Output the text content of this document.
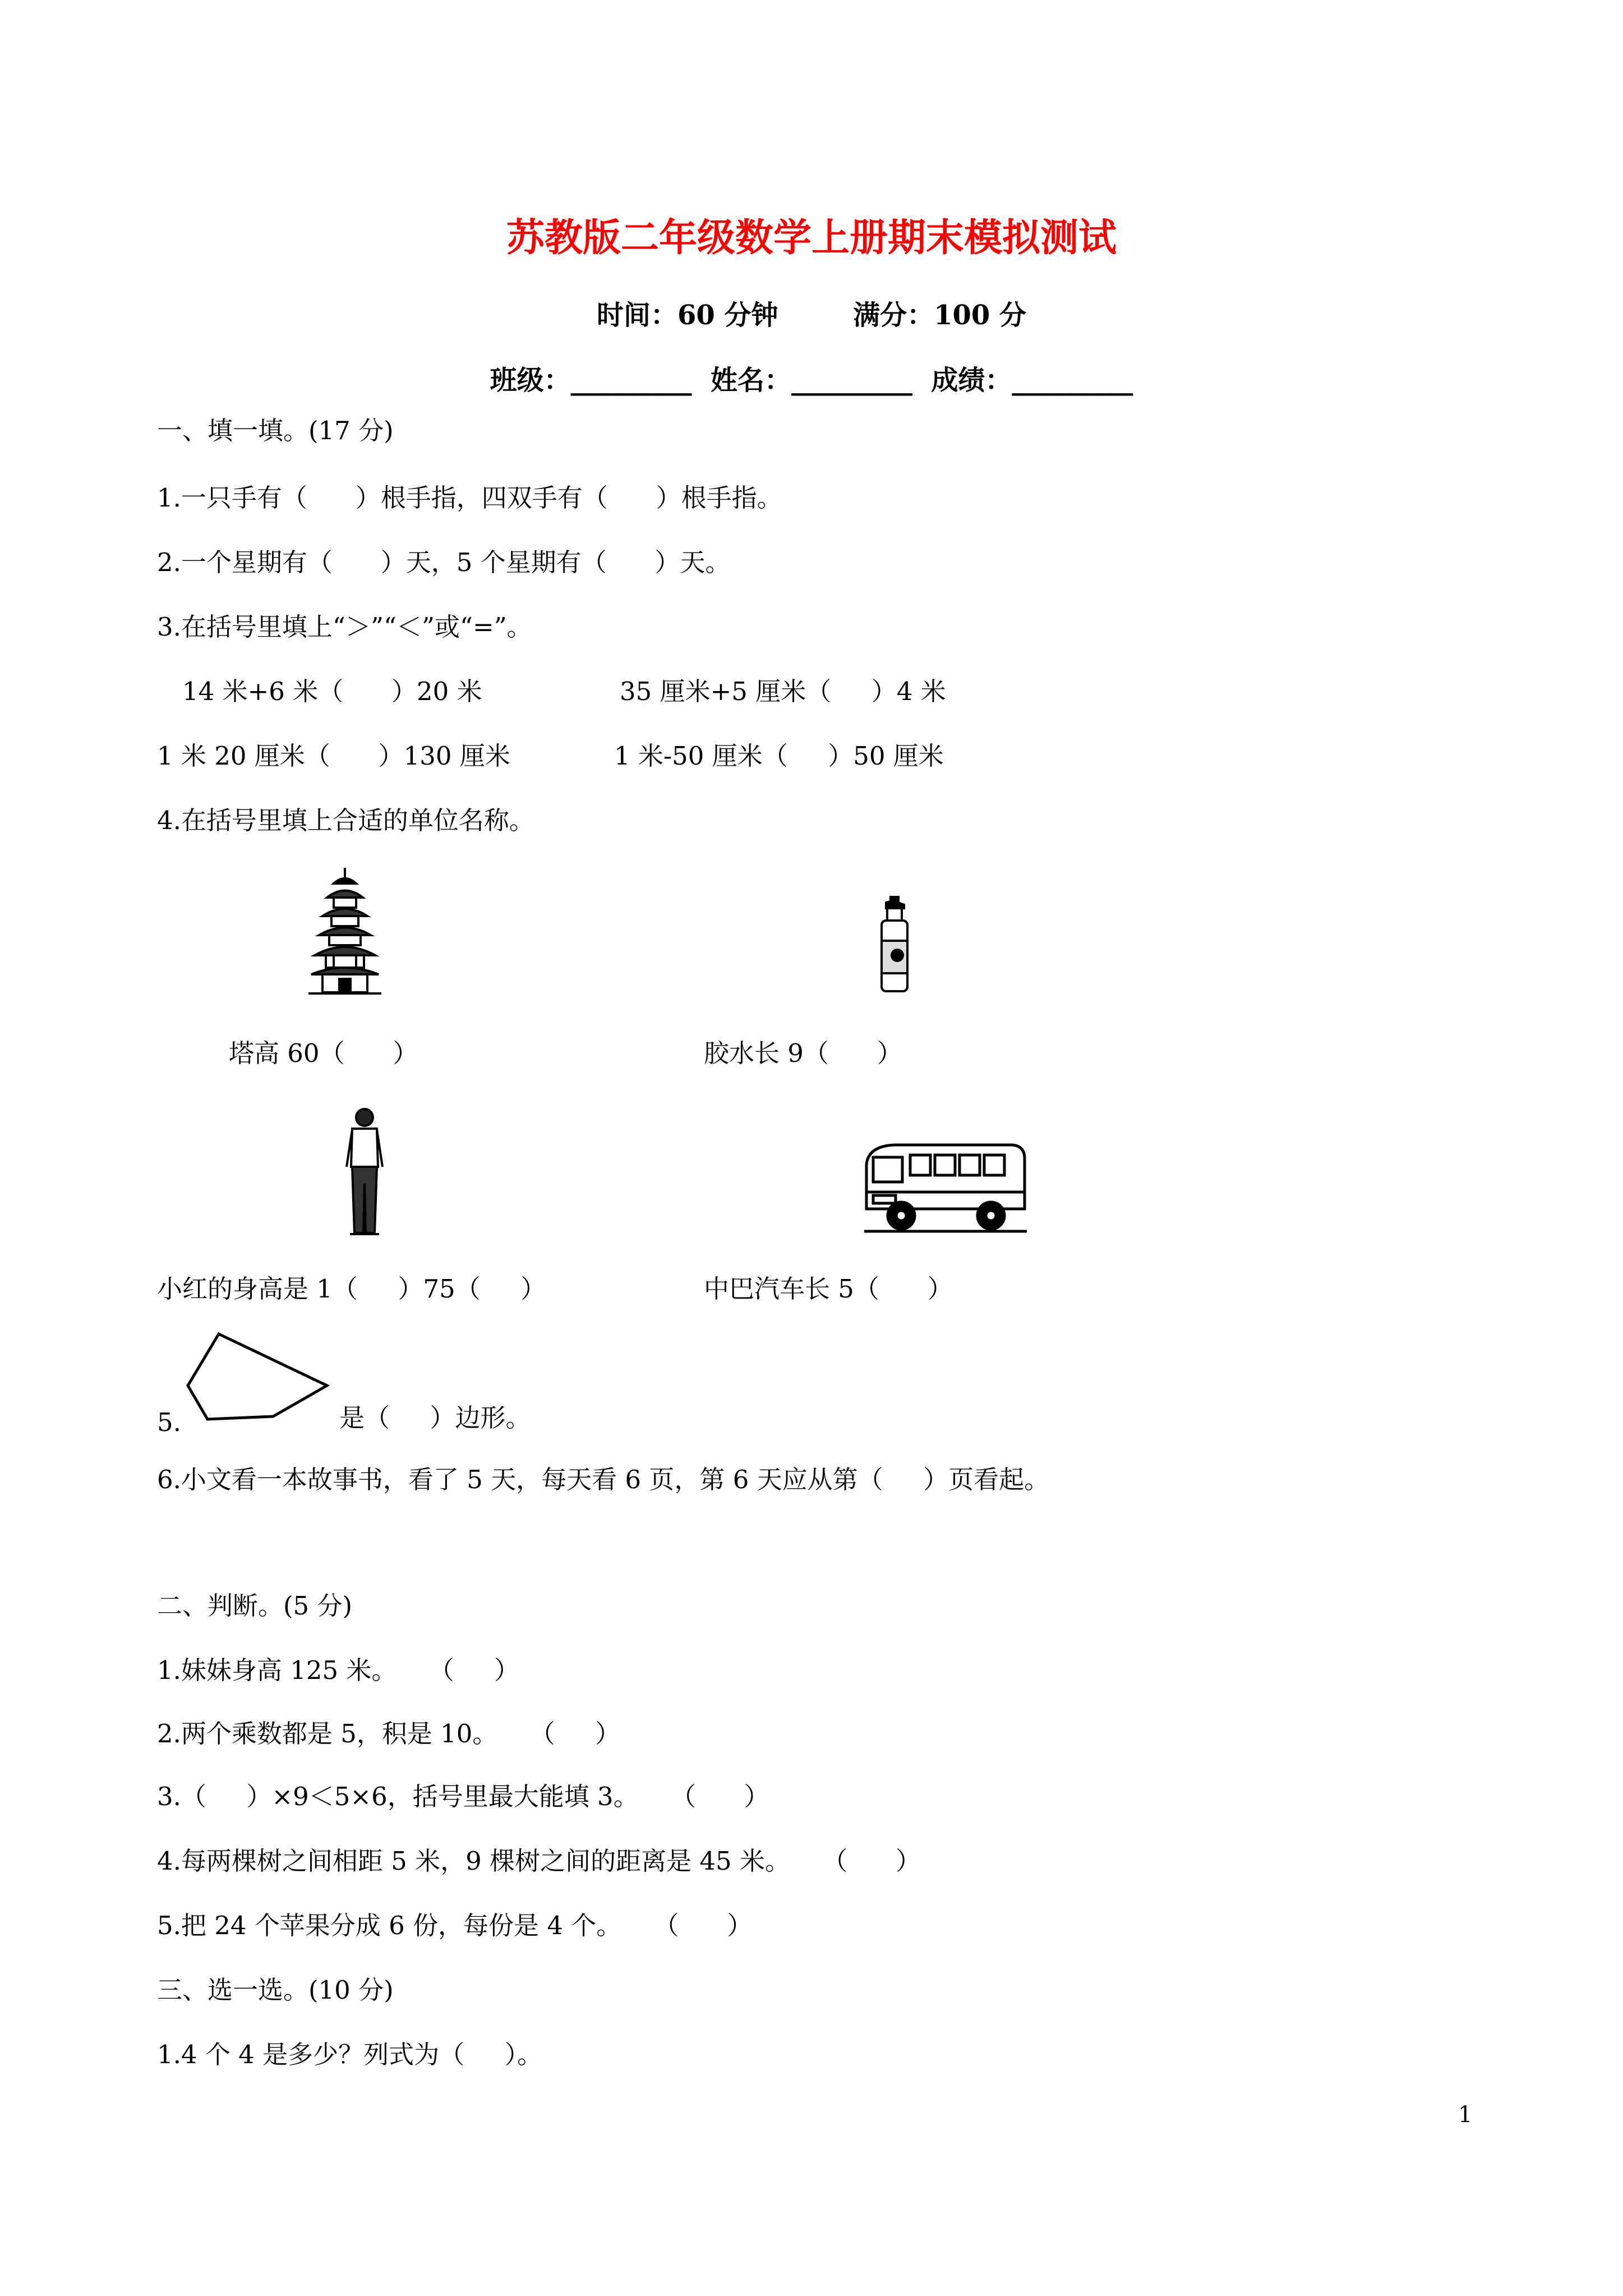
苏教版二年级数学上册期末模拟测试
时间：60 分钟        满分：100 分
班级：_________  姓名：_________  成绩：_________
一、填一填。(17 分)
1.一只手有（      ）根手指，四双手有（      ）根手指。
2.一个星期有（      ）天，5 个星期有（      ）天。
3.在括号里填上“＞”“＜”或“=”。
14 米+6 米（      ）20 米	35 厘米+5 厘米（     ）4 米
1 米 20 厘米（      ）130 厘米	1 米-50 厘米（     ）50 厘米
4.在括号里填上合适的单位名称。
塔高 60（      ）	胶水长 9（      ）
小红的身高是 1（     ）75（     ）	中巴汽车长 5（      ）
5.	是（     ）边形。
6.小文看一本故事书，看了 5 天，每天看 6 页，第 6 天应从第（     ）页看起。
二、判断。(5 分)
1.妹妹身高 125 米。    （     ）
2.两个乘数都是 5，积是 10。    （     ）
3.（     ）×9＜5×6，括号里最大能填 3。    （      ）
4.每两棵树之间相距 5 米，9 棵树之间的距离是 45 米。    （      ）
5.把 24 个苹果分成 6 份，每份是 4 个。    （      ）
三、选一选。(10 分)
1.4 个 4 是多少？列式为（     ）。
1
